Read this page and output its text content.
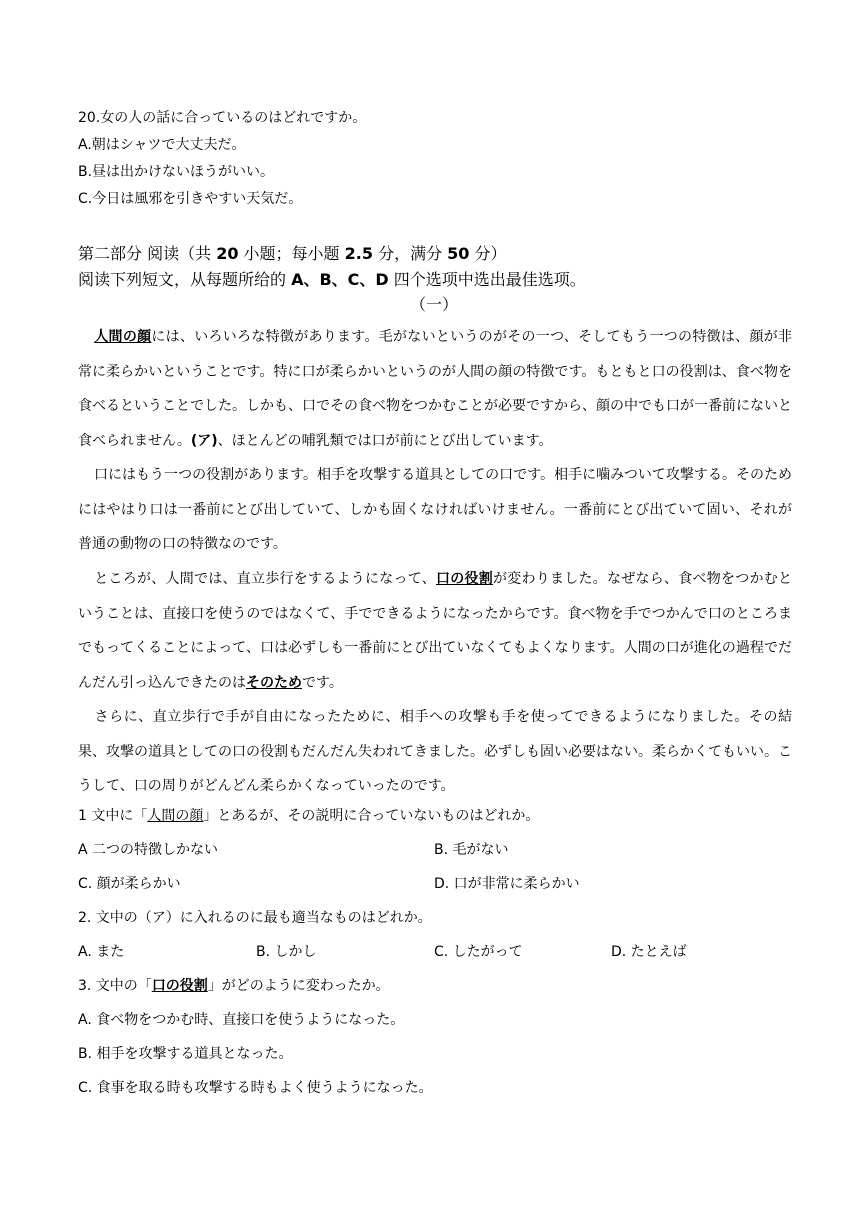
20.女の人の話に合っているのはどれですか。
A.朝はシャツで大丈夫だ。
B.昼は出かけないほうがいい。
C.今日は風邪を引きやすい天気だ。
第二部分 阅读（共 20 小题；每小题 2.5 分，满分 50 分）
阅读下列短文，从每题所给的 A、B、C、D 四个选项中选出最佳选项。
（一）
人間の顔には、いろいろな特徴があります。毛がないというのがその一つ、そしてもう一つの特徴は、顔が非常に柔らかいということです。特に口が柔らかいというのが人間の顔の特徴です。もともと口の役割は、食べ物を食べるということでした。しかも、口でその食べ物をつかむことが必要ですから、顔の中でも口が一番前にないと食べられません。(ア)、ほとんどの哺乳類では口が前にとび出しています。
口にはもう一つの役割があります。相手を攻撃する道具としての口です。相手に噛みついて攻撃する。そのためにはやはり口は一番前にとび出していて、しかも固くなければいけません。一番前にとび出ていて固い、それが普通の動物の口の特徴なのです。
ところが、人間では、直立歩行をするようになって、口の役割が変わりました。なぜなら、食べ物をつかむということは、直接口を使うのではなくて、手でできるようになったからです。食べ物を手でつかんで口のところまでもってくることによって、口は必ずしも一番前にとび出ていなくてもよくなります。人間の口が進化の過程でだんだん引っ込んできたのはそのためです。
さらに、直立歩行で手が自由になったために、相手への攻撃も手を使ってできるようになりました。その結果、攻撃の道具としての口の役割もだんだん失われてきました。必ずしも固い必要はない。柔らかくてもいい。こうして、口の周りがどんどん柔らかくなっていったのです。
1 文中に「人間の顔」とあるが、その説明に合っていないものはどれか。
A 二つの特徴しかない	B. 毛がない
C. 顔が柔らかい	D. 口が非常に柔らかい
2. 文中の（ア）に入れるのに最も適当なものはどれか。
A. また	B. しかし	C. したがって	D. たとえば
3. 文中の「口の役割」がどのように変わったか。
A. 食べ物をつかむ時、直接口を使うようになった。
B. 相手を攻撃する道具となった。
C. 食事を取る時も攻撃する時もよく使うようになった。
